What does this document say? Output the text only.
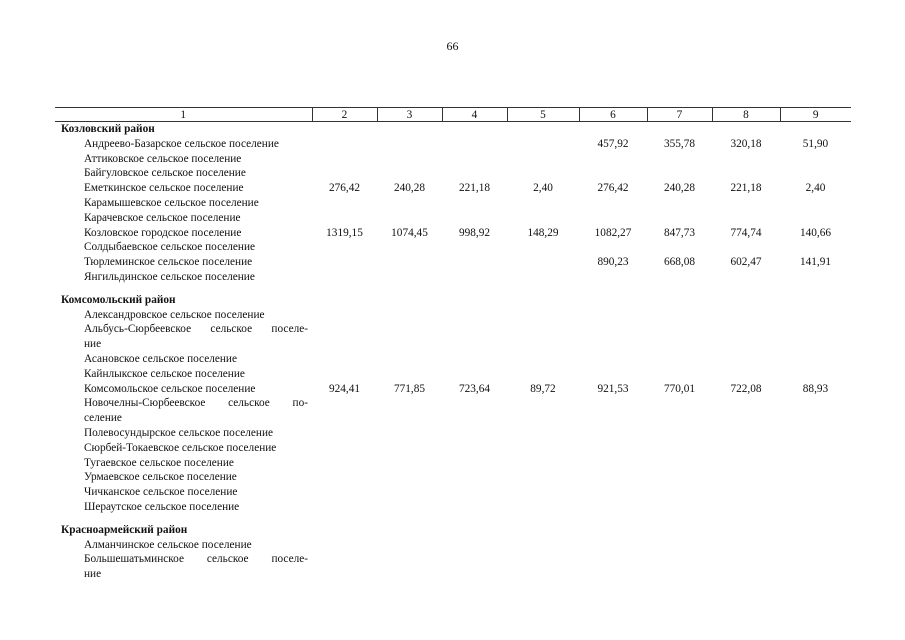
66
1	2	3	4	5	6	7	8	9
Козловский район								

Андреево-Базарское сельское поселение					457,92	355,78	320,18	51,90

Аттиковское сельское поселение								

Байгуловское сельское поселение								

Еметкинское сельское поселение	276,42	240,28	221,18	2,40	276,42	240,28	221,18	2,40

Карамышевское сельское поселение								

Карачевское сельское поселение								

Козловское городское поселение	1319,15	1074,45	998,92	148,29	1082,27	847,73	774,74	140,66

Солдыбаевское сельское поселение								

Тюрлеминское сельское поселение					890,23	668,08	602,47	141,91

Янгильдинское сельское поселение								

Комсомольский район								

Александровское сельское поселение								

Альбусь-Сюрбеевское сельское поселе-
ние								

Асановское сельское поселение								

Кайнлыкское сельское поселение								

Комсомольское сельское поселение	924,41	771,85	723,64	89,72	921,53	770,01	722,08	88,93

Новочелны-Сюрбеевское сельское по-
селение								

Полевосундырское сельское поселение								

Сюрбей-Токаевское сельское поселение								

Тугаевское сельское поселение								

Урмаевское сельское поселение								

Чичканское сельское поселение								

Шераутское сельское поселение								

Красноармейский район								

Алманчинское сельское поселение								

Большешатьминское сельское поселе-
ние								
